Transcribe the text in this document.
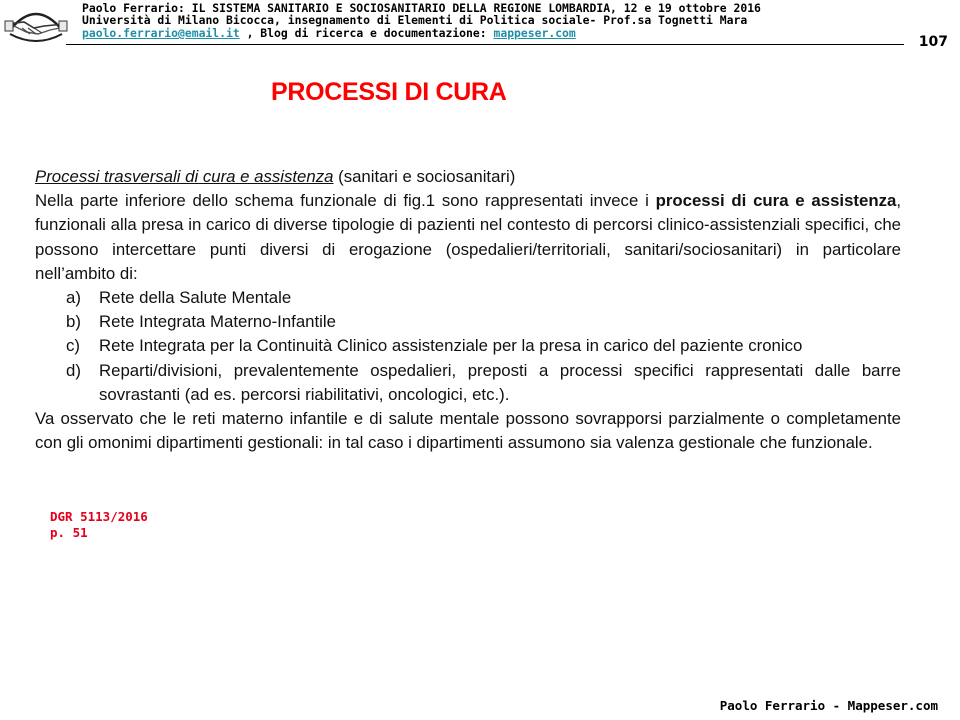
Paolo Ferrario: IL SISTEMA SANITARIO E SOCIOSANITARIO DELLA REGIONE LOMBARDIA, 12 e 19 ottobre 2016
Università di Milano Bicocca, insegnamento di Elementi di Politica sociale- Prof.sa Tognetti Mara
paolo.ferrario@email.it , Blog di ricerca e documentazione: mappeser.com
107
PROCESSI DI CURA

Processi trasversali di cura e assistenza (sanitari e sociosanitari)

Nella parte inferiore dello schema funzionale di fig.1 sono rappresentati invece i processi di cura e assistenza, funzionali alla presa in carico di diverse tipologie di pazienti nel contesto di percorsi clinico-assistenziali specifici, che possono intercettare punti diversi di erogazione (ospedalieri/territoriali, sanitari/sociosanitari) in particolare nell’ambito di:

a) Rete della Salute Mentale
b) Rete Integrata Materno-Infantile
c) Rete Integrata per la Continuità Clinico assistenziale per la presa in carico del paziente cronico
d) Reparti/divisioni, prevalentemente ospedalieri, preposti a processi specifici rappresentati dalle barre sovrastanti (ad es. percorsi riabilitativi, oncologici, etc.).

Va osservato che le reti materno infantile e di salute mentale possono sovrapporsi parzialmente o completamente con gli omonimi dipartimenti gestionali: in tal caso i dipartimenti assumono sia valenza gestionale che funzionale.

DGR 5113/2016
p. 51
Paolo Ferrario - Mappeser.com
